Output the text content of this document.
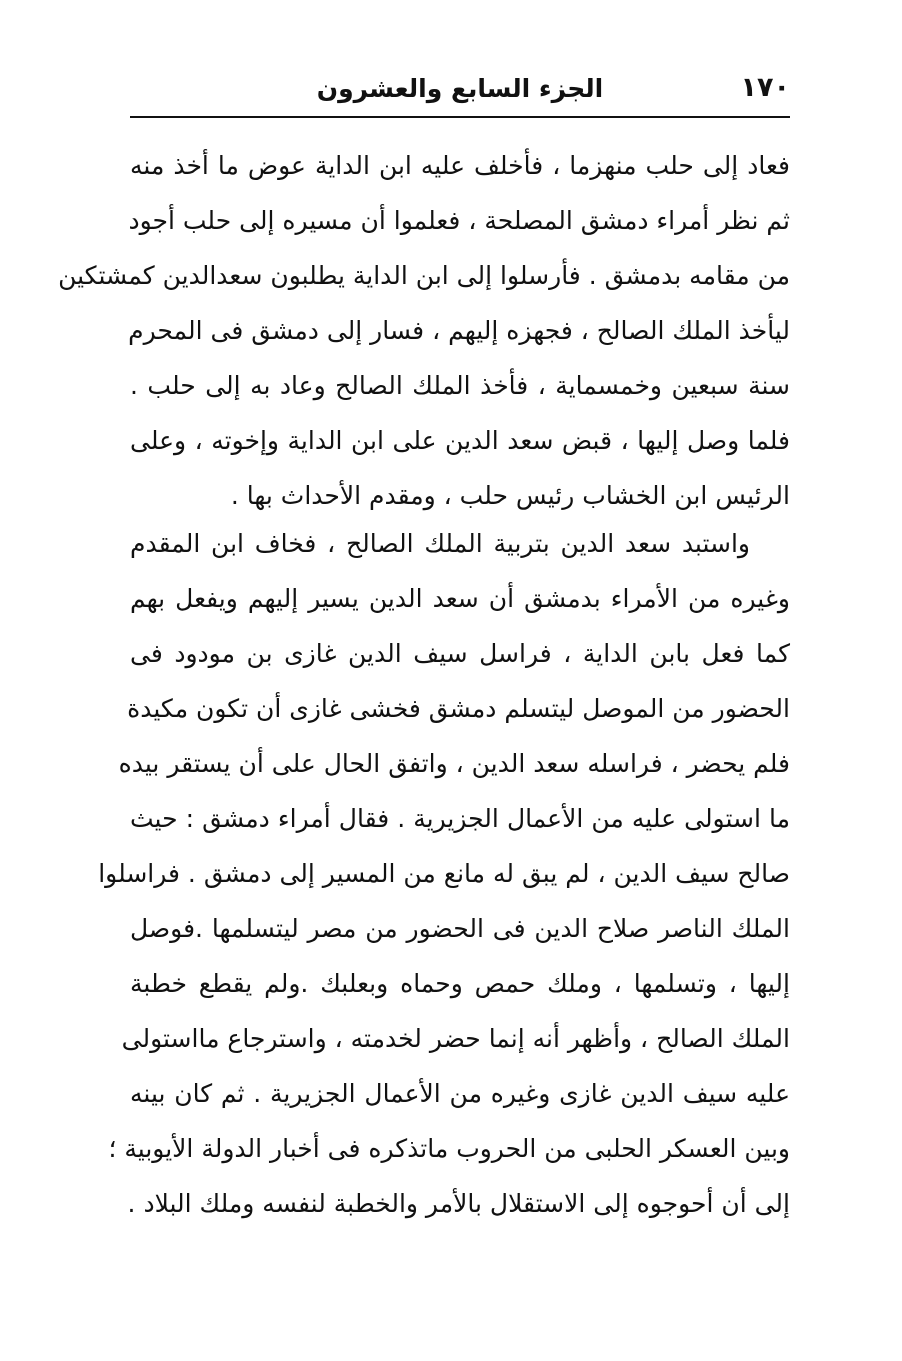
١٧٠
الجزء السابع والعشرون
فعاد إلى حلب منهزما ، فأخلف عليه ابن الداية عوض ما أخذ منه
ثم نظر أمراء دمشق المصلحة ، فعلموا أن مسيره إلى حلب أجود
من مقامه بدمشق . فأرسلوا إلى ابن الداية يطلبون سعدالدين كمشتكين
ليأخذ الملك الصالح ، فجهزه إليهم ، فسار إلى دمشق فى المحرم
سنة سبعين وخمسماية ، فأخذ الملك الصالح وعاد به إلى حلب .
فلما وصل إليها ، قبض سعد الدين على ابن الداية وإخوته ، وعلى
الرئيس ابن الخشاب رئيس حلب ، ومقدم الأحداث بها .
واستبد سعد الدين بتربية الملك الصالح ، فخاف ابن المقدم
وغيره من الأمراء بدمشق أن سعد الدين يسير إليهم ويفعل بهم
كما فعل بابن الداية ، فراسل سيف الدين غازى بن مودود فى
الحضور من الموصل ليتسلم دمشق فخشى غازى أن تكون مكيدة
فلم يحضر ، فراسله سعد الدين ، واتفق الحال على أن يستقر بيده
ما استولى عليه من الأعمال الجزيرية . فقال أمراء دمشق : حيث
صالح سيف الدين ، لم يبق له مانع من المسير إلى دمشق . فراسلوا
الملك الناصر صلاح الدين فى الحضور من مصر ليتسلمها .فوصل
إليها ، وتسلمها ، وملك حمص وحماه وبعلبك .ولم يقطع خطبة
الملك الصالح ، وأظهر أنه إنما حضر لخدمته ، واسترجاع مااستولى
عليه سيف الدين غازى وغيره من الأعمال الجزيرية . ثم كان بينه
وبين العسكر الحلبى من الحروب ماتذكره فى أخبار الدولة الأيوبية ؛
إلى أن أحوجوه إلى الاستقلال بالأمر والخطبة لنفسه وملك البلاد .
